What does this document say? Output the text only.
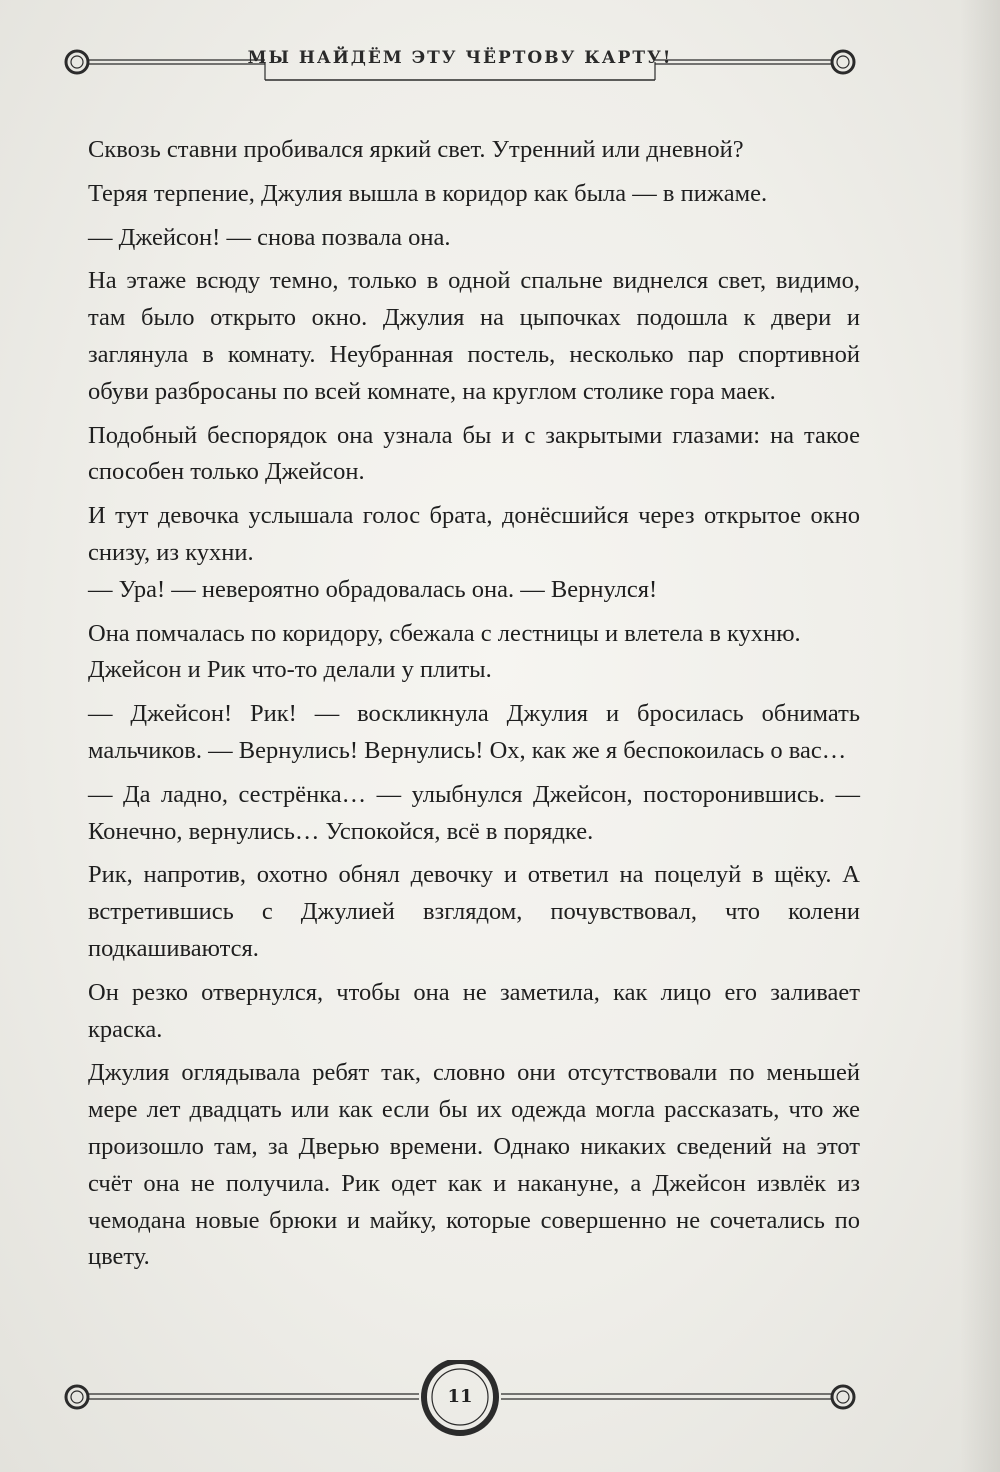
МЫ НАЙДЁМ ЭТУ ЧЁРТОВУ КАРТУ!

Сквозь ставни пробивался яркий свет. Утренний или дневной?

Теряя терпение, Джулия вышла в коридор как была — в пижаме.

— Джейсон! — снова позвала она.

На этаже всюду темно, только в одной спальне виднелся свет, видимо, там было открыто окно. Джулия на цыпочках подошла к двери и заглянула в комнату. Неубранная постель, несколько пар спортивной обуви разбросаны по всей комнате, на круглом столике гора маек.

Подобный беспорядок она узнала бы и с закрытыми глазами: на такое способен только Джейсон.

И тут девочка услышала голос брата, донёсшийся через открытое окно снизу, из кухни.

— Ура! — невероятно обрадовалась она. — Вернулся!

Она помчалась по коридору, сбежала с лестницы и влетела в кухню.

Джейсон и Рик что-то делали у плиты.

— Джейсон! Рик! — воскликнула Джулия и бросилась обнимать мальчиков. — Вернулись! Вернулись! Ох, как же я беспокоилась о вас…

— Да ладно, сестрёнка… — улыбнулся Джейсон, посторонившись. — Конечно, вернулись… Успокойся, всё в порядке.

Рик, напротив, охотно обнял девочку и ответил на поцелуй в щёку. А встретившись с Джулией взглядом, почувствовал, что колени подкашиваются.

Он резко отвернулся, чтобы она не заметила, как лицо его заливает краска.

Джулия оглядывала ребят так, словно они отсутствовали по меньшей мере лет двадцать или как если бы их одежда могла рассказать, что же произошло там, за Дверью времени. Однако никаких сведений на этот счёт она не получила. Рик одет как и накануне, а Джейсон извлёк из чемодана новые брюки и майку, которые совершенно не сочетались по цвету.

11
